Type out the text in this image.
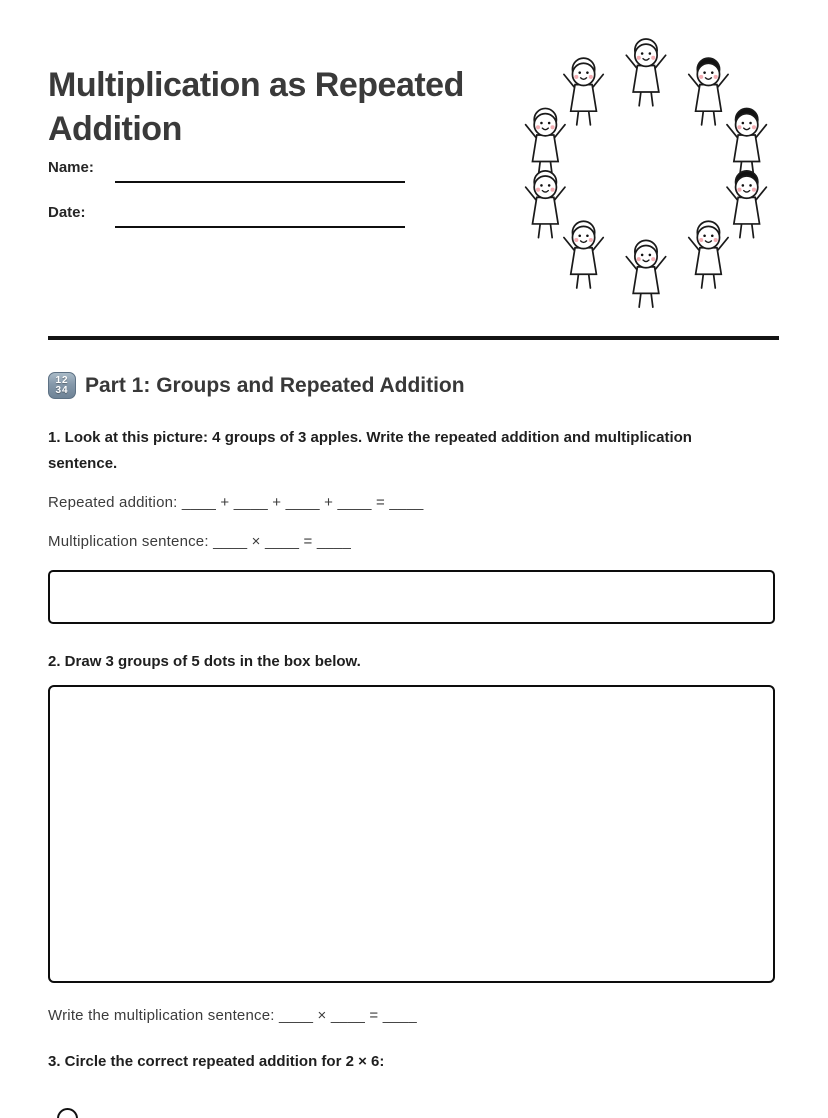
Multiplication as Repeated Addition
Name:
Date:
12
34 Part 1: Groups and Repeated Addition
1. Look at this picture: 4 groups of 3 apples. Write the repeated addition and multiplication sentence.
Repeated addition: ____ + ____ + ____ + ____ = ____
Multiplication sentence: ____ × ____ = ____
2. Draw 3 groups of 5 dots in the box below.
Write the multiplication sentence: ____ × ____ = ____
3. Circle the correct repeated addition for 2 × 6:
